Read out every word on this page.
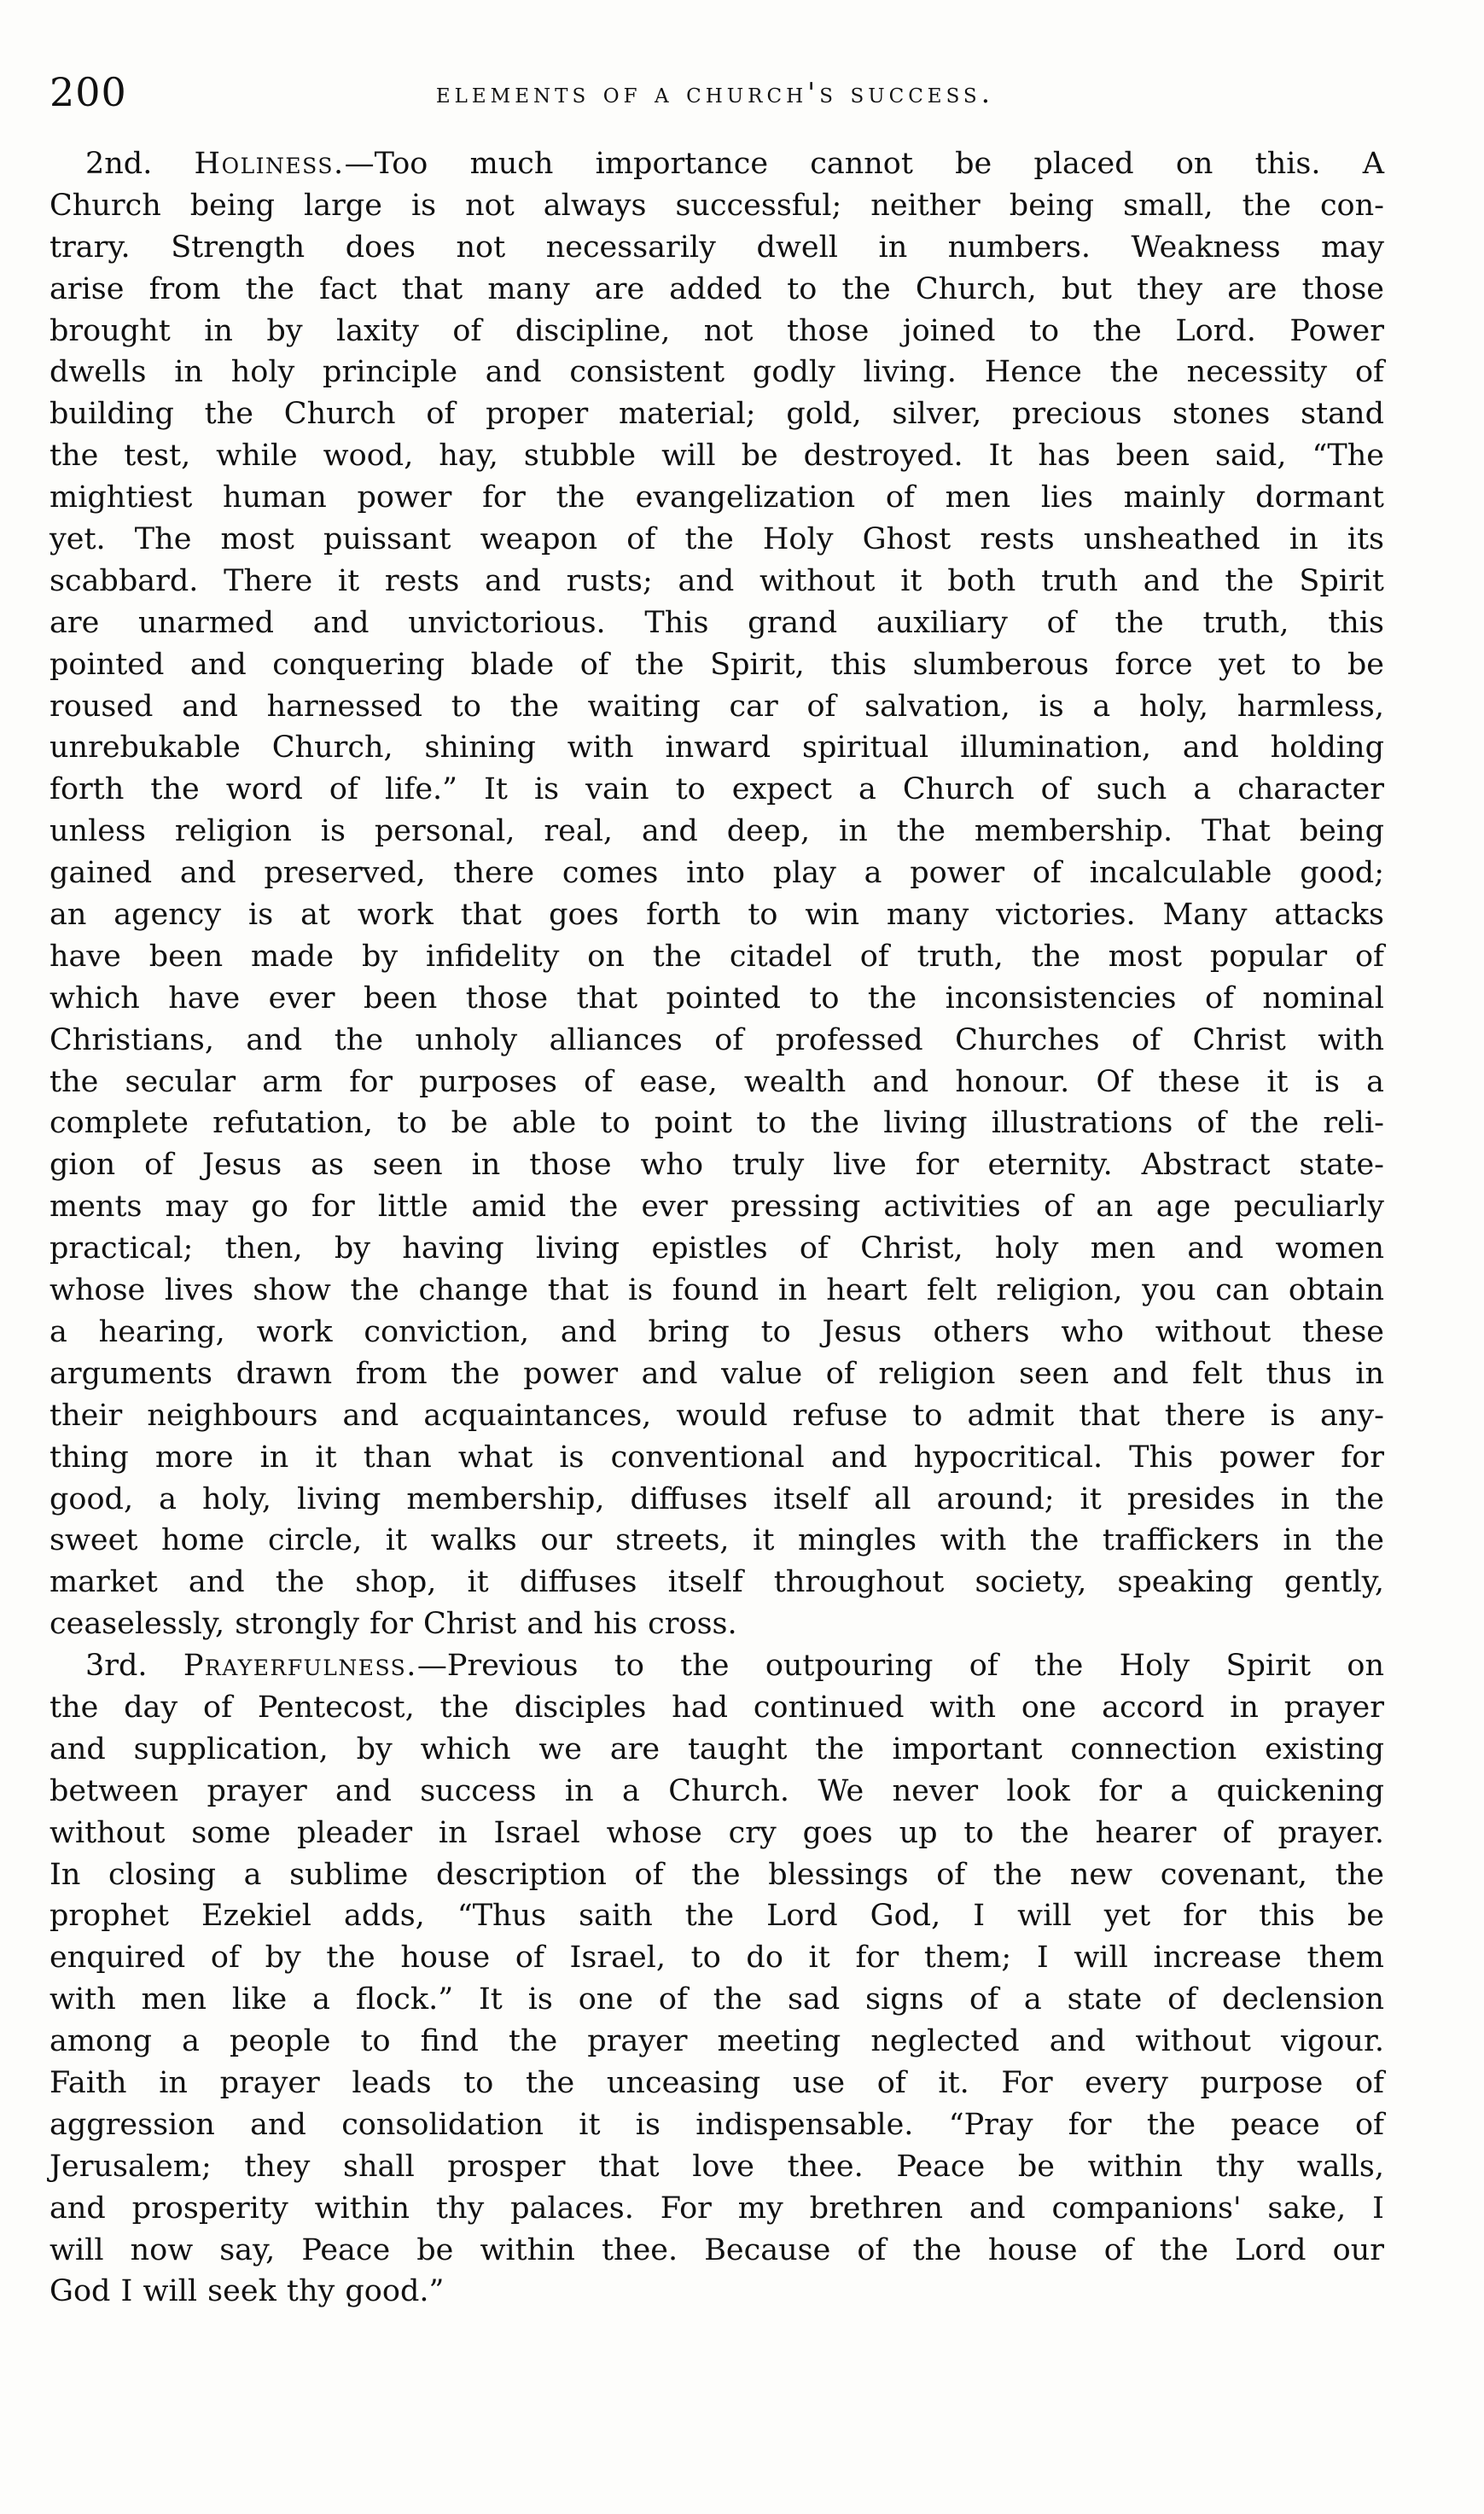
200	elements of a church's success.
2nd. Holiness.—Too much importance cannot be placed on this. A
Church being large is not always successful; neither being small, the con-
trary. Strength does not necessarily dwell in numbers. Weakness may
arise from the fact that many are added to the Church, but they are those
brought in by laxity of discipline, not those joined to the Lord. Power
dwells in holy principle and consistent godly living. Hence the necessity of
building the Church of proper material; gold, silver, precious stones stand
the test, while wood, hay, stubble will be destroyed. It has been said, “The
mightiest human power for the evangelization of men lies mainly dormant
yet. The most puissant weapon of the Holy Ghost rests unsheathed in its
scabbard. There it rests and rusts; and without it both truth and the Spirit
are unarmed and unvictorious. This grand auxiliary of the truth, this
pointed and conquering blade of the Spirit, this slumberous force yet to be
roused and harnessed to the waiting car of salvation, is a holy, harmless,
unrebukable Church, shining with inward spiritual illumination, and holding
forth the word of life.” It is vain to expect a Church of such a character
unless religion is personal, real, and deep, in the membership. That being
gained and preserved, there comes into play a power of incalculable good;
an agency is at work that goes forth to win many victories. Many attacks
have been made by infidelity on the citadel of truth, the most popular of
which have ever been those that pointed to the inconsistencies of nominal
Christians, and the unholy alliances of professed Churches of Christ with
the secular arm for purposes of ease, wealth and honour. Of these it is a
complete refutation, to be able to point to the living illustrations of the reli-
gion of Jesus as seen in those who truly live for eternity. Abstract state-
ments may go for little amid the ever pressing activities of an age peculiarly
practical; then, by having living epistles of Christ, holy men and women
whose lives show the change that is found in heart felt religion, you can obtain
a hearing, work conviction, and bring to Jesus others who without these
arguments drawn from the power and value of religion seen and felt thus in
their neighbours and acquaintances, would refuse to admit that there is any-
thing more in it than what is conventional and hypocritical. This power for
good, a holy, living membership, diffuses itself all around; it presides in the
sweet home circle, it walks our streets, it mingles with the traffickers in the
market and the shop, it diffuses itself throughout society, speaking gently,
ceaselessly, strongly for Christ and his cross.
3rd. Prayerfulness.—Previous to the outpouring of the Holy Spirit on
the day of Pentecost, the disciples had continued with one accord in prayer
and supplication, by which we are taught the important connection existing
between prayer and success in a Church. We never look for a quickening
without some pleader in Israel whose cry goes up to the hearer of prayer.
In closing a sublime description of the blessings of the new covenant, the
prophet Ezekiel adds, “Thus saith the Lord God, I will yet for this be
enquired of by the house of Israel, to do it for them; I will increase them
with men like a flock.” It is one of the sad signs of a state of declension
among a people to find the prayer meeting neglected and without vigour.
Faith in prayer leads to the unceasing use of it. For every purpose of
aggression and consolidation it is indispensable. “Pray for the peace of
Jerusalem; they shall prosper that love thee. Peace be within thy walls,
and prosperity within thy palaces. For my brethren and companions' sake, I
will now say, Peace be within thee. Because of the house of the Lord our
God I will seek thy good.”
